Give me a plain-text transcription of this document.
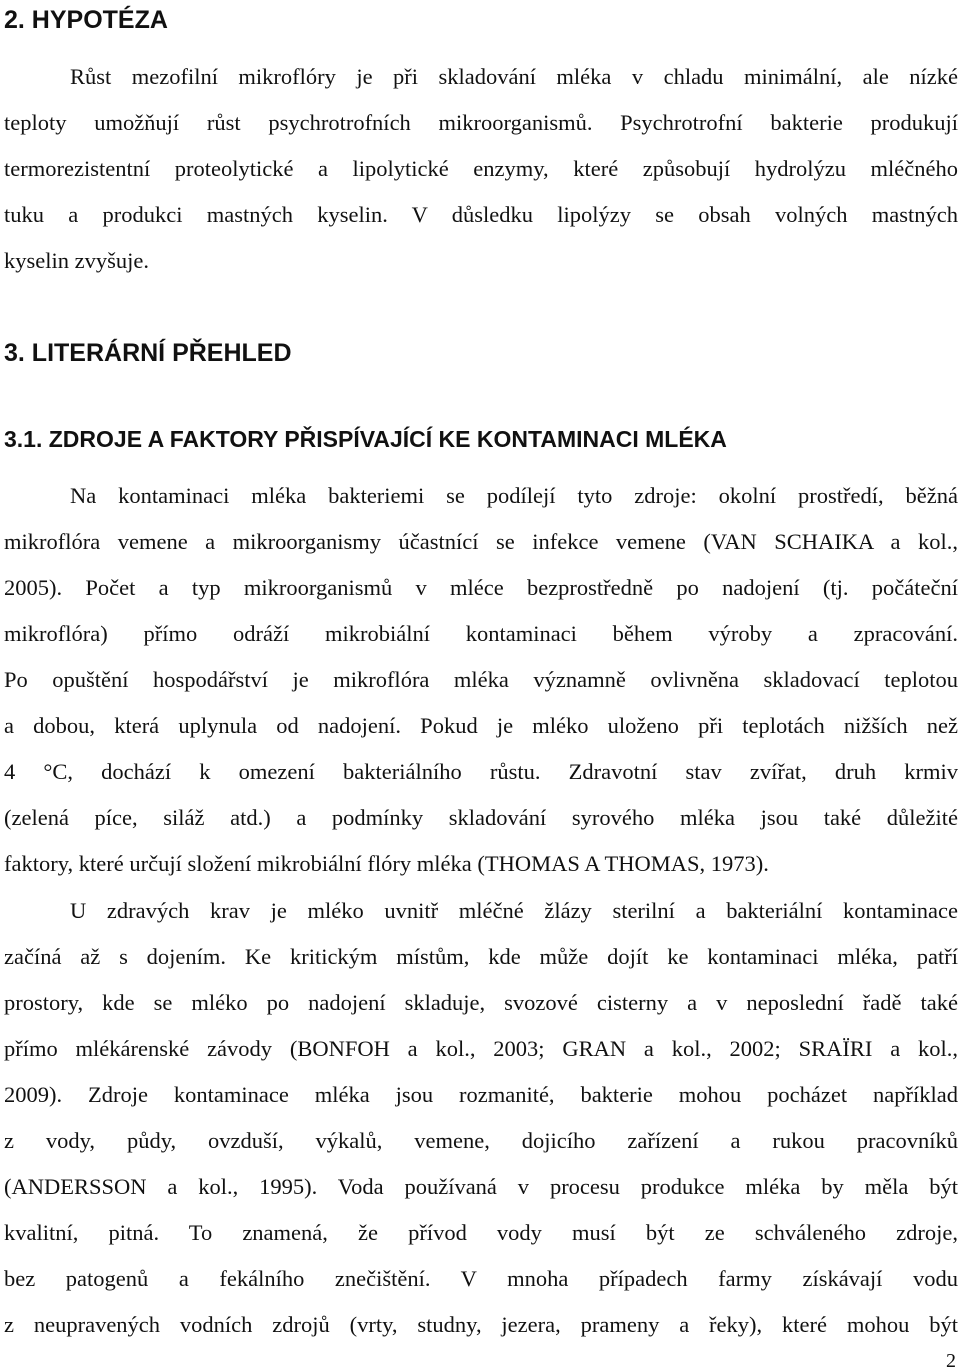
2. HYPOTÉZA
Růst mezofilní mikroflóry je při skladování mléka v chladu minimální, ale nízké
teploty umožňují růst psychrotrofních mikroorganismů. Psychrotrofní bakterie produkují
termorezistentní proteolytické a lipolytické enzymy, které způsobují hydrolýzu mléčného
tuku a produkci mastných kyselin. V důsledku lipolýzy se obsah volných mastných
kyselin zvyšuje.
3. LITERÁRNÍ PŘEHLED
3.1. ZDROJE A FAKTORY PŘISPÍVAJÍCÍ KE KONTAMINACI MLÉKA
Na kontaminaci mléka bakteriemi se podílejí tyto zdroje: okolní prostředí, běžná
mikroflóra vemene a mikroorganismy účastnící se infekce vemene (VAN SCHAIKA a kol.,
2005). Počet a typ mikroorganismů v mléce bezprostředně po nadojení (tj. počáteční
mikroflóra) přímo odráží mikrobiální kontaminaci během výroby a zpracování.
Po opuštění hospodářství je mikroflóra mléka významně ovlivněna skladovací teplotou
a dobou, která uplynula od nadojení. Pokud je mléko uloženo při teplotách nižších než
4 °C, dochází k omezení bakteriálního růstu. Zdravotní stav zvířat, druh krmiv
(zelená píce, siláž atd.) a podmínky skladování syrového mléka jsou také důležité
faktory, které určují složení mikrobiální flóry mléka (THOMAS A THOMAS, 1973).
U zdravých krav je mléko uvnitř mléčné žlázy sterilní a bakteriální kontaminace
začíná až s dojením. Ke kritickým místům, kde může dojít ke kontaminaci mléka, patří
prostory, kde se mléko po nadojení skladuje, svozové cisterny a v neposlední řadě také
přímo mlékárenské závody (BONFOH a kol., 2003; GRAN a kol., 2002; SRAÏRI a kol.,
2009). Zdroje kontaminace mléka jsou rozmanité, bakterie mohou pocházet například
z vody, půdy, ovzduší, výkalů, vemene, dojicího zařízení a rukou pracovníků
(ANDERSSON a kol., 1995). Voda používaná v procesu produkce mléka by měla být
kvalitní, pitná. To znamená, že přívod vody musí být ze schváleného zdroje,
bez patogenů a fekálního znečištění. V mnoha případech farmy získávají vodu
z neupravených vodních zdrojů (vrty, studny, jezera, prameny a řeky), které mohou být
2
